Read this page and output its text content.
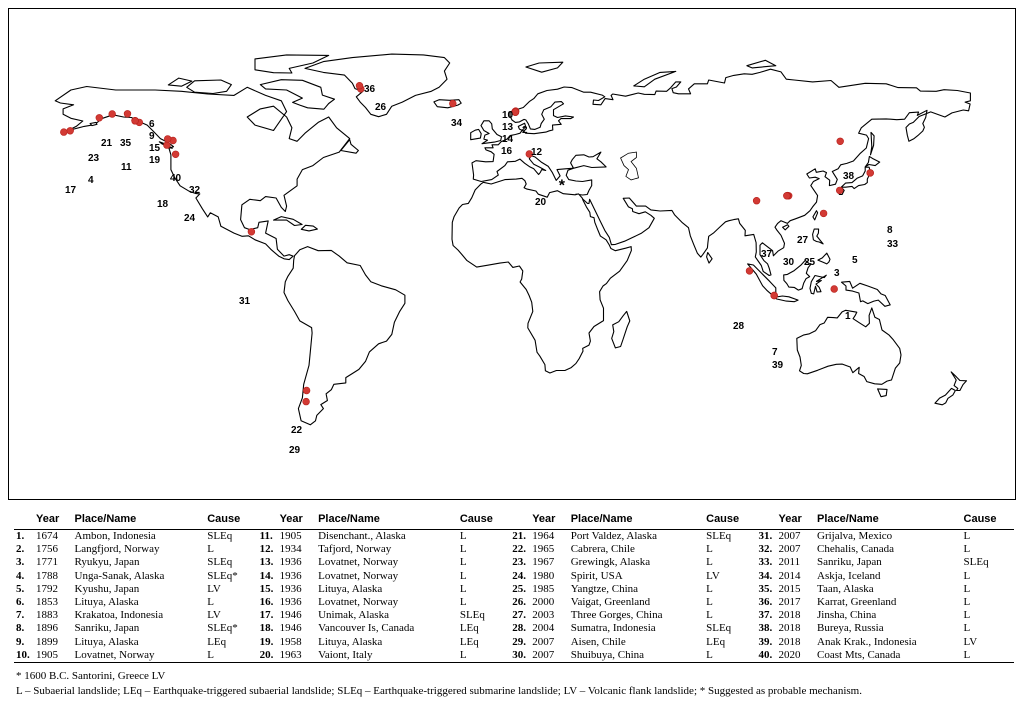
1
2
3
4
5
6
7
8
9
10
11
12
13
14
15	16
17
18
19
20
21
22
23
24
25
26
27
28
29
30
31
32
33
34
35
36
37
38
39
40	*
	Year	Place/Name	Cause		Year	Place/Name	Cause		Year	Place/Name	Cause		Year	Place/Name	Cause
1.	1674	Ambon, Indonesia	SLEq	11.	1905	Disenchant., Alaska	L	21.	1964	Port Valdez, Alaska	SLEq	31.	2007	Grijalva, Mexico	L
2.	1756	Langfjord, Norway	L	12.	1934	Tafjord, Norway	L	22.	1965	Cabrera, Chile	L	32.	2007	Chehalis, Canada	L
3.	1771	Ryukyu, Japan	SLEq	13.	1936	Lovatnet, Norway	L	23.	1967	Grewingk, Alaska	L	33.	2011	Sanriku, Japan	SLEq
4.	1788	Unga-Sanak, Alaska	SLEq*	14.	1936	Lovatnet, Norway	L	24.	1980	Spirit, USA	LV	34.	2014	Askja, Iceland	L
5.	1792	Kyushu, Japan	LV	15.	1936	Lituya, Alaska	L	25.	1985	Yangtze, China	L	35.	2015	Taan, Alaska	L
6.	1853	Lituya, Alaska	L	16.	1936	Lovatnet, Norway	L	26.	2000	Vaigat, Greenland	L	36.	2017	Karrat, Greenland	L
7.	1883	Krakatoa, Indonesia	LV	17.	1946	Unimak, Alaska	SLEq	27.	2003	Three Gorges, China	L	37.	2018	Jinsha, China	L
8.	1896	Sanriku, Japan	SLEq*	18.	1946	Vancouver Is, Canada	LEq	28.	2004	Sumatra, Indonesia	SLEq	38.	2018	Bureya, Russia	L
9.	1899	Lituya, Alaska	LEq	19.	1958	Lituya, Alaska	LEq	29.	2007	Aisen, Chile	LEq	39.	2018	Anak Krak., Indonesia	LV
10.	1905	Lovatnet, Norway	L	20.	1963	Vaiont, Italy	L	30.	2007	Shuibuya, China	L	40.	2020	Coast Mts, Canada	L
* 1600 B.C. Santorini, Greece LV
L – Subaerial landslide; LEq – Earthquake-triggered subaerial landslide; SLEq – Earthquake-triggered submarine landslide; LV – Volcanic flank landslide; * Suggested as probable mechanism.
